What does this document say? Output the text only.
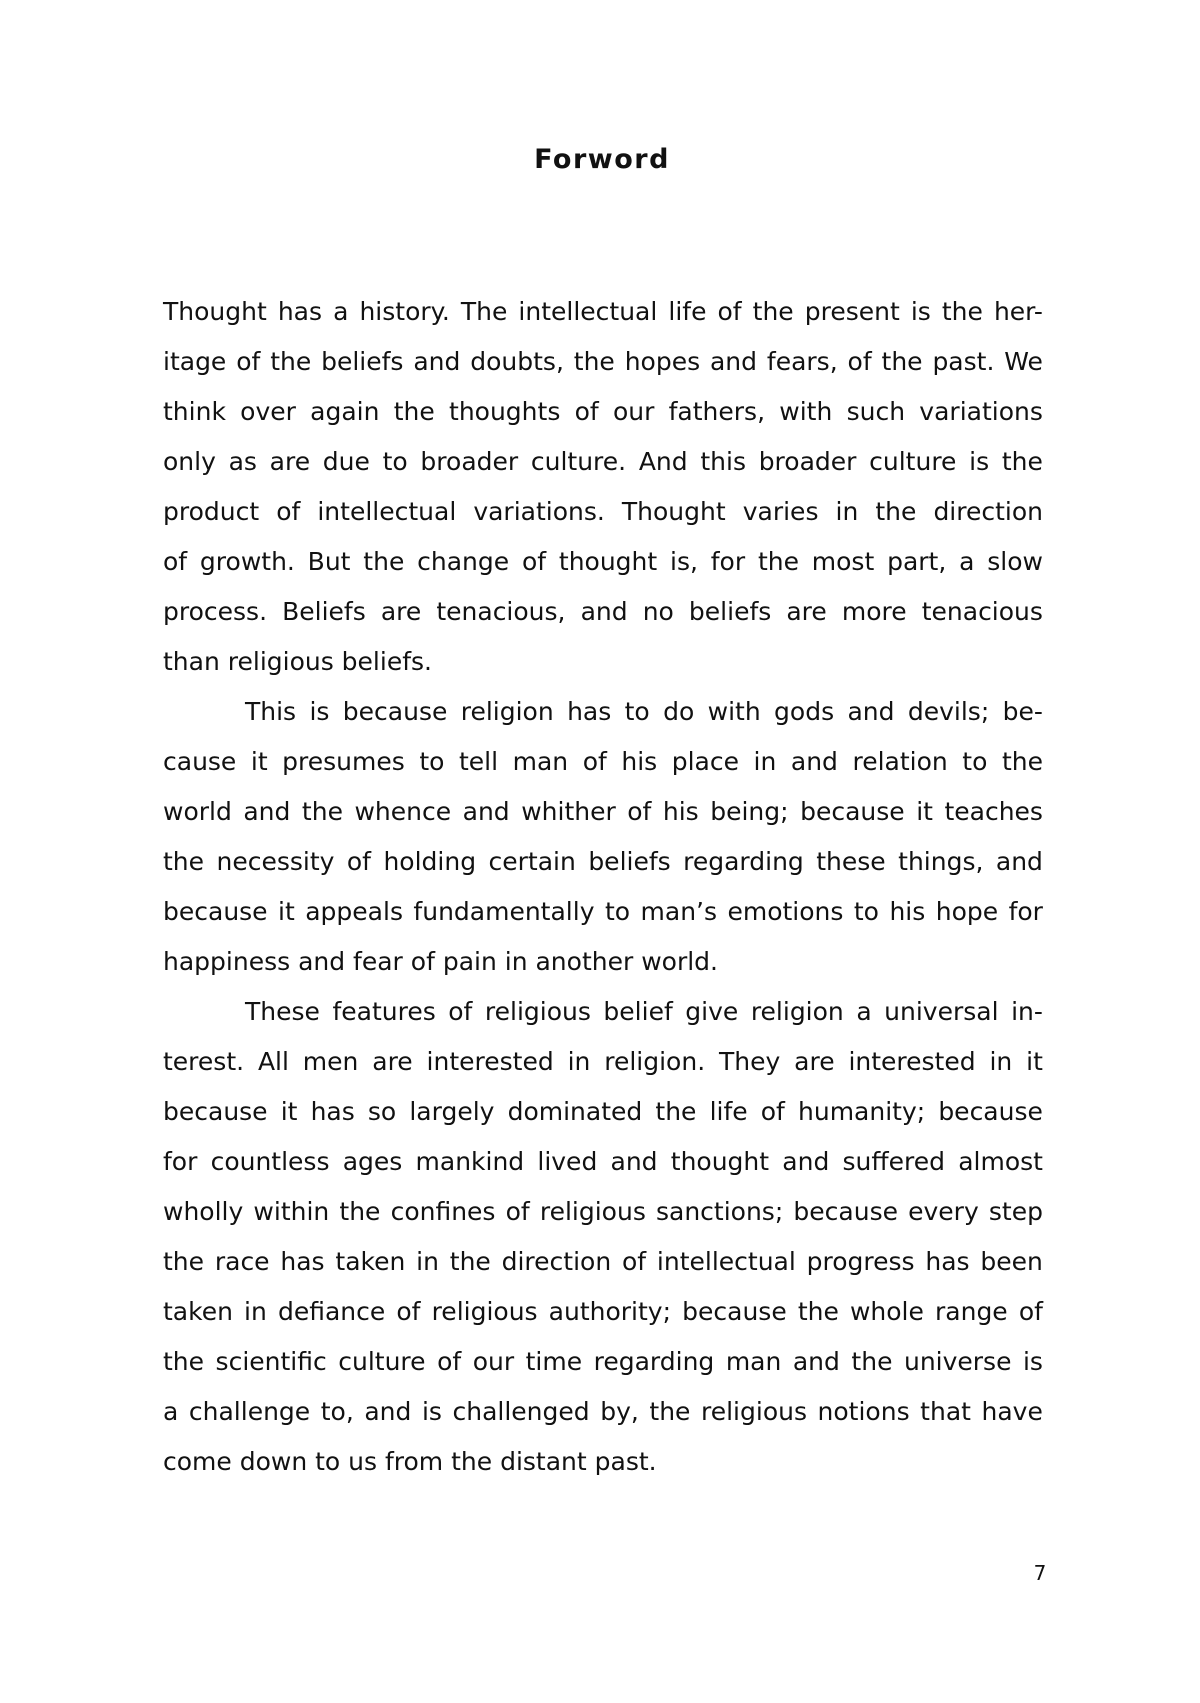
Forword
Thought has a history. The intellectual life of the present is the her-
itage of the beliefs and doubts, the hopes and fears, of the past. We
think over again the thoughts of our fathers, with such variations
only as are due to broader culture. And this broader culture is the
product of intellectual variations. Thought varies in the direction
of growth. But the change of thought is, for the most part, a slow
process. Beliefs are tenacious, and no beliefs are more tenacious
than religious beliefs.
This is because religion has to do with gods and devils; be-
cause it presumes to tell man of his place in and relation to the
world and the whence and whither of his being; because it teaches
the necessity of holding certain beliefs regarding these things, and
because it appeals fundamentally to man’s emotions to his hope for
happiness and fear of pain in another world.
These features of religious belief give religion a universal in-
terest. All men are interested in religion. They are interested in it
because it has so largely dominated the life of humanity; because
for countless ages mankind lived and thought and suffered almost
wholly within the confines of religious sanctions; because every step
the race has taken in the direction of intellectual progress has been
taken in defiance of religious authority; because the whole range of
the scientific culture of our time regarding man and the universe is
a challenge to, and is challenged by, the religious notions that have
come down to us from the distant past.
7
